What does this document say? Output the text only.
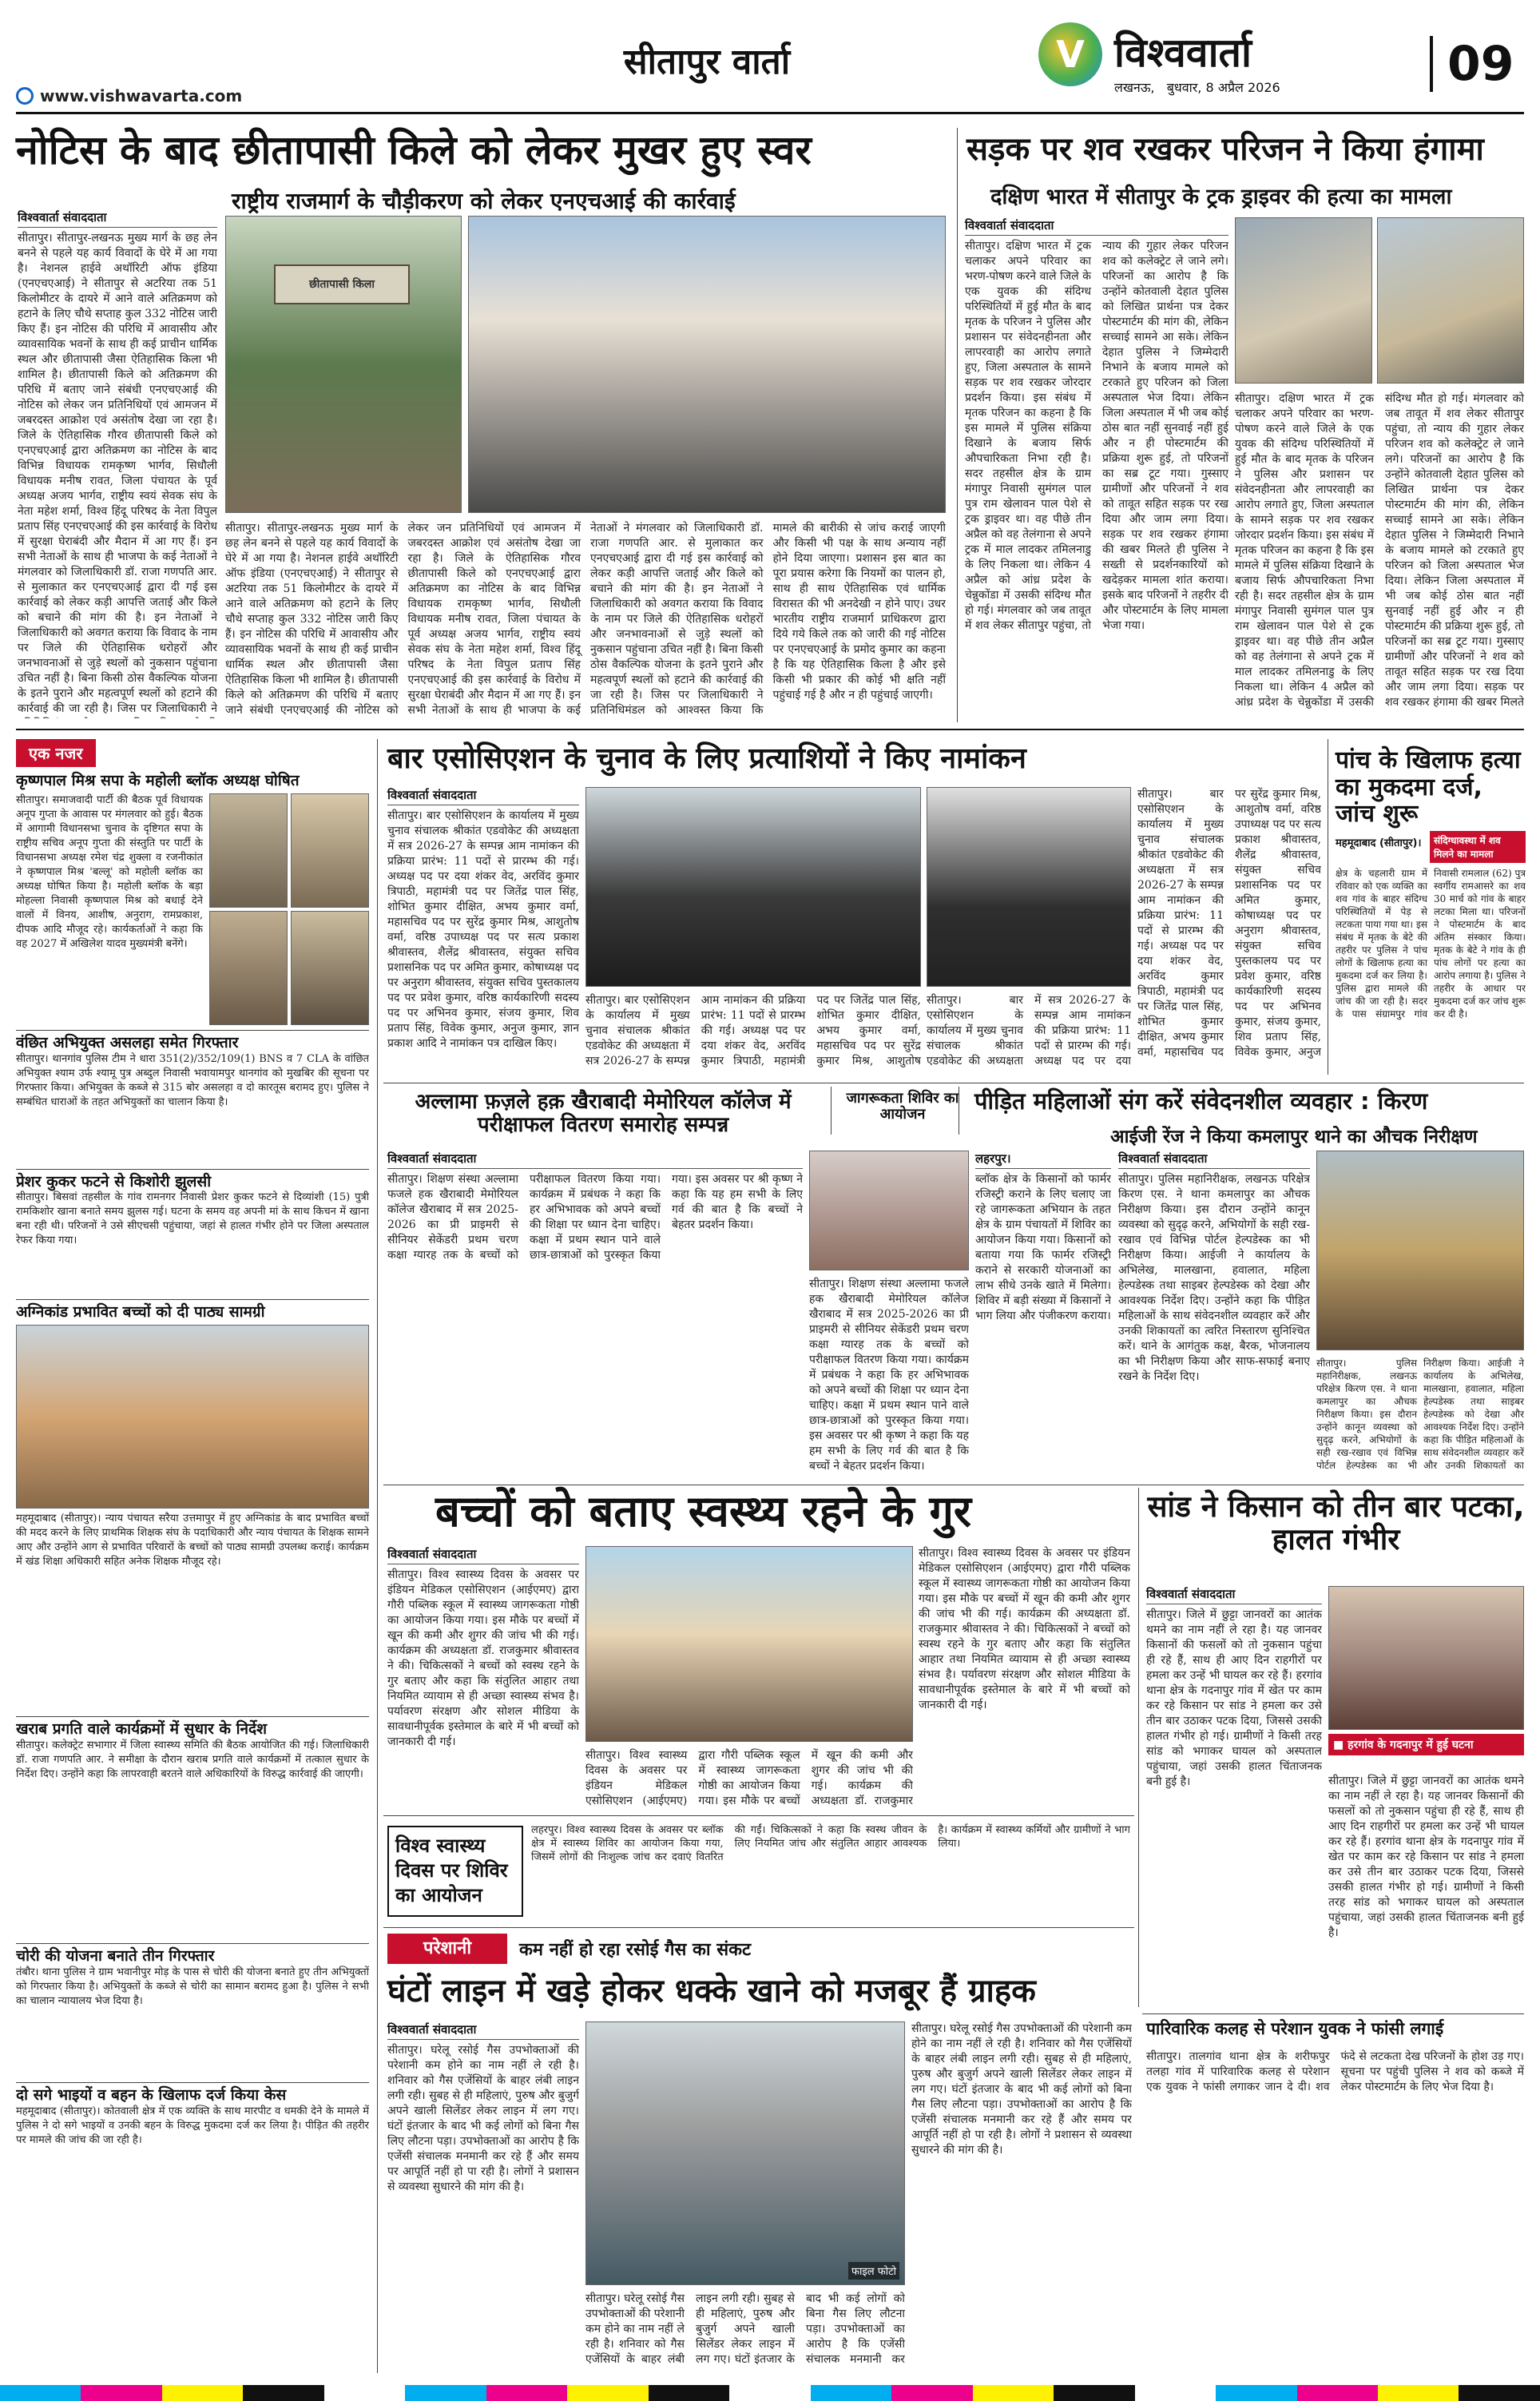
www.vishwavarta.com
सीतापुर वार्ता	V विश्ववार्ता
लखनऊ,   बुधवार, 8 अप्रैल 2026	09
नोटिस के बाद छीतापासी किले को लेकर मुखर हुए स्वर
राष्ट्रीय राजमार्ग के चौड़ीकरण को लेकर एनएचआई की कार्रवाई
विश्ववार्ता संवाददाता
सीतापुर। सीतापुर-लखनऊ मुख्य मार्ग के छह लेन बनने से पहले यह कार्य विवादों के घेरे में आ गया है। नेशनल हाईवे अथॉरिटी ऑफ इंडिया (एनएचएआई) ने सीतापुर से अटरिया तक 51 किलोमीटर के दायरे में आने वाले अतिक्रमण को हटाने के लिए चौथे सप्ताह कुल 332 नोटिस जारी किए हैं। इन नोटिस की परिधि में आवासीय और व्यावसायिक भवनों के साथ ही कई प्राचीन धार्मिक स्थल और छीतापासी जैसा ऐतिहासिक किला भी शामिल है। छीतापासी किले को अतिक्रमण की परिधि में बताए जाने संबंधी एनएचएआई की नोटिस को लेकर जन प्रतिनिधियों एवं आमजन में जबरदस्त आक्रोश एवं असंतोष देखा जा रहा है। जिले के ऐतिहासिक गौरव छीतापासी किले को एनएचएआई द्वारा अतिक्रमण का नोटिस के बाद विभिन्न विधायक रामकृष्ण भार्गव, सिधौली विधायक मनीष रावत, जिला पंचायत के पूर्व अध्यक्ष अजय भार्गव, राष्ट्रीय स्वयं सेवक संघ के नेता महेश शर्मा, विश्व हिंदू परिषद के नेता विपुल प्रताप सिंह एनएचएआई की इस कार्रवाई के विरोध में सुरक्षा घेराबंदी और मैदान में आ गए हैं। इन सभी नेताओं के साथ ही भाजपा के कई नेताओं ने मंगलवार को जिलाधिकारी डॉ. राजा गणपति आर. से मुलाकात कर एनएचएआई द्वारा दी गई इस कार्रवाई को लेकर कड़ी आपत्ति जताई और किले को बचाने की मांग की है। इन नेताओं ने जिलाधिकारी को अवगत कराया कि विवाद के नाम पर जिले की ऐतिहासिक धरोहरों और जनभावनाओं से जुड़े स्थलों को नुकसान पहुंचाना उचित नहीं है। बिना किसी ठोस वैकल्पिक योजना के इतने पुराने और महत्वपूर्ण स्थलों को हटाने की कार्रवाई की जा रही है। जिस पर जिलाधिकारी ने
छीतापासी किला
सीतापुर। सीतापुर-लखनऊ मुख्य मार्ग के छह लेन बनने से पहले यह कार्य विवादों के घेरे में आ गया है। नेशनल हाईवे अथॉरिटी ऑफ इंडिया (एनएचएआई) ने सीतापुर से अटरिया तक 51 किलोमीटर के दायरे में आने वाले अतिक्रमण को हटाने के लिए चौथे सप्ताह कुल 332 नोटिस जारी किए हैं। इन नोटिस की परिधि में आवासीय और व्यावसायिक भवनों के साथ ही कई प्राचीन धार्मिक स्थल और छीतापासी जैसा ऐतिहासिक किला भी शामिल है। छीतापासी किले को अतिक्रमण की परिधि में बताए जाने संबंधी एनएचएआई की नोटिस को लेकर जन प्रतिनिधियों एवं आमजन में जबरदस्त आक्रोश एवं असंतोष देखा जा रहा है। जिले के ऐतिहासिक गौरव छीतापासी किले को एनएचएआई द्वारा अतिक्रमण का नोटिस के बाद विभिन्न विधायक रामकृष्ण भार्गव, सिधौली विधायक मनीष रावत, जिला पंचायत के पूर्व अध्यक्ष अजय भार्गव, राष्ट्रीय स्वयं सेवक संघ के नेता महेश शर्मा, विश्व हिंदू परिषद के नेता विपुल प्रताप सिंह एनएचएआई की इस कार्रवाई के विरोध में सुरक्षा घेराबंदी और मैदान में आ गए हैं। इन सभी नेताओं के साथ ही भाजपा के कई नेताओं ने मंगलवार को जिलाधिकारी डॉ. राजा गणपति आर. से मुलाकात कर एनएचएआई द्वारा दी गई इस कार्रवाई को लेकर कड़ी आपत्ति जताई और किले को बचाने की मांग की है। इन नेताओं ने जिलाधिकारी को अवगत कराया कि विवाद के नाम पर जिले की ऐतिहासिक धरोहरों और जनभावनाओं से जुड़े स्थलों को नुकसान पहुंचाना उचित नहीं है। बिना किसी ठोस वैकल्पिक योजना के इतने पुराने और महत्वपूर्ण स्थलों को हटाने की कार्रवाई की जा रही है। जिस पर जिलाधिकारी ने प्रतिनिधिमंडल को आश्वस्त किया कि मामले की बारीकी से जांच कराई जाएगी और किसी भी पक्ष के साथ अन्याय नहीं होने दिया जाएगा। प्रशासन इस बात का पूरा प्रयास करेगा कि नियमों का पालन हो, साथ ही साथ ऐतिहासिक एवं धार्मिक विरासत की भी अनदेखी न होने पाए। उधर भारतीय राष्ट्रीय राजमार्ग प्राधिकरण द्वारा दिये गये किले तक को जारी की गई नोटिस पर एनएचएआई के प्रमोद कुमार का कहना है कि यह ऐतिहासिक किला है और इसे किसी भी प्रकार की कोई भी क्षति नहीं पहुंचाई गई है और न ही पहुंचाई जाएगी।
सड़क पर शव रखकर परिजन ने किया हंगामा
दक्षिण भारत में सीतापुर के ट्रक ड्राइवर की हत्या का मामला
विश्ववार्ता संवाददाता
सीतापुर। दक्षिण भारत में ट्रक चलाकर अपने परिवार का भरण-पोषण करने वाले जिले के एक युवक की संदिग्ध परिस्थितियों में हुई मौत के बाद मृतक के परिजन ने पुलिस और प्रशासन पर संवेदनहीनता और लापरवाही का आरोप लगाते हुए, जिला अस्पताल के सामने सड़क पर शव रखकर जोरदार प्रदर्शन किया। इस संबंध में मृतक परिजन का कहना है कि इस मामले में पुलिस संक्रिया दिखाने के बजाय सिर्फ औपचारिकता निभा रही है। सदर तहसील क्षेत्र के ग्राम मंगापुर निवासी सुमंगल पाल पुत्र राम खेलावन पाल पेशे से ट्रक ड्राइवर था। वह पीछे तीन अप्रैल को वह तेलंगाना से अपने ट्रक में माल लादकर तमिलनाडु के लिए निकला था। लेकिन 4 अप्रैल को आंध्र प्रदेश के चेन्नुकोंडा में उसकी संदिग्ध मौत हो गई। मंगलवार को जब तावूत में शव लेकर सीतापुर पहुंचा, तो न्याय की गुहार लेकर परिजन शव को कलेक्ट्रेट ले जाने लगे। परिजनों का आरोप है कि उन्होंने कोतवाली देहात पुलिस को लिखित प्रार्थना पत्र देकर पोस्टमार्टम की मांग की, लेकिन सच्चाई सामने आ सके। लेकिन देहात पुलिस ने जिम्मेदारी निभाने के बजाय मामले को टरकाते हुए परिजन को जिला अस्पताल भेज दिया। लेकिन जिला अस्पताल में भी जब कोई ठोस बात नहीं सुनवाई नहीं हुई और न ही पोस्टमार्टम की प्रक्रिया शुरू हुई, तो परिजनों का सब्र टूट गया। गुस्साए ग्रामीणों और परिजनों ने शव को तावूत सहित सड़क पर रख दिया और जाम लगा दिया। सड़क पर शव रखकर हंगामा की खबर मिलते ही पुलिस ने सख्ती से प्रदर्शनकारियों को खदेड़कर मामला शांत कराया। इसके बाद परिजनों ने तहरीर दी और पोस्टमार्टम के लिए मामला भेजा गया।
सीतापुर। दक्षिण भारत में ट्रक चलाकर अपने परिवार का भरण-पोषण करने वाले जिले के एक युवक की संदिग्ध परिस्थितियों में हुई मौत के बाद मृतक के परिजन ने पुलिस और प्रशासन पर संवेदनहीनता और लापरवाही का आरोप लगाते हुए, जिला अस्पताल के सामने सड़क पर शव रखकर जोरदार प्रदर्शन किया। इस संबंध में मृतक परिजन का कहना है कि इस मामले में पुलिस संक्रिया दिखाने के बजाय सिर्फ औपचारिकता निभा रही है। सदर तहसील क्षेत्र के ग्राम मंगापुर निवासी सुमंगल पाल पुत्र राम खेलावन पाल पेशे से ट्रक ड्राइवर था। वह पीछे तीन अप्रैल को वह तेलंगाना से अपने ट्रक में माल लादकर तमिलनाडु के लिए निकला था। लेकिन 4 अप्रैल को आंध्र प्रदेश के चेन्नुकोंडा में उसकी संदिग्ध मौत हो गई। मंगलवार को जब तावूत में शव लेकर सीतापुर पहुंचा, तो न्याय की गुहार लेकर परिजन शव को कलेक्ट्रेट ले जाने लगे। परिजनों का आरोप है कि उन्होंने कोतवाली देहात पुलिस को लिखित प्रार्थना पत्र देकर पोस्टमार्टम की मांग की, लेकिन सच्चाई सामने आ सके। लेकिन देहात पुलिस ने जिम्मेदारी निभाने के बजाय मामले को टरकाते हुए परिजन को जिला अस्पताल भेज दिया। लेकिन जिला अस्पताल में भी जब कोई ठोस बात नहीं सुनवाई नहीं हुई और न ही पोस्टमार्टम की प्रक्रिया शुरू हुई, तो परिजनों का सब्र टूट गया। गुस्साए ग्रामीणों और परिजनों ने शव को तावूत सहित सड़क पर रख दिया और जाम लगा दिया। सड़क पर शव रखकर हंगामा की खबर मिलते
एक नजर
कृष्णपाल मिश्र सपा के महोली ब्लॉक अध्यक्ष घोषित
सीतापुर। समाजवादी पार्टी की बैठक पूर्व विधायक अनूप गुप्ता के आवास पर मंगलवार को हुई। बैठक में आगामी विधानसभा चुनाव के दृष्टिगत सपा के राष्ट्रीय सचिव अनूप गुप्ता की संस्तुति पर पार्टी के विधानसभा अध्यक्ष रमेश चंद्र शुक्ला व रजनीकांत ने कृष्णपाल मिश्र 'बल्लू' को महोली ब्लॉक का अध्यक्ष घोषित किया है। महोली ब्लॉक के बड़ा मोहल्ला निवासी कृष्णपाल मिश्र को बधाई देने वालों में विनय, आशीष, अनुराग, रामप्रकाश, दीपक आदि मौजूद रहे। कार्यकर्ताओं ने कहा कि वह 2027 में अखिलेश यादव मुख्यमंत्री बनेंगे।
वंछित अभियुक्त असलहा समेत गिरफ्तार
सीतापुर। थानगांव पुलिस टीम ने धारा 351(2)/352/109(1) BNS व 7 CLA के वांछित अभियुक्त श्याम उर्फ श्यामू पुत्र अब्दुल निवासी भवायामपुर थानगांव को मुखबिर की सूचना पर गिरफ्तार किया। अभियुक्त के कब्जे से 315 बोर असलहा व दो कारतूस बरामद हुए। पुलिस ने सम्बंधित धाराओं के तहत अभियुक्तों का चालान किया है।
प्रेशर कुकर फटने से किशोरी झुलसी
सीतापुर। बिसवां तहसील के गांव रामनगर निवासी प्रेशर कुकर फटने से दिव्यांशी (15) पुत्री रामकिशोर खाना बनाते समय झुलस गई। घटना के समय वह अपनी मां के साथ किचन में खाना बना रही थी। परिजनों ने उसे सीएचसी पहुंचाया, जहां से हालत गंभीर होने पर जिला अस्पताल रेफर किया गया।
अग्निकांड प्रभावित बच्चों को दी पाठ्य सामग्री
महमूदाबाद (सीतापुर)। न्याय पंचायत सरैया उत्तमापुर में हुए अग्निकांड के बाद प्रभावित बच्चों की मदद करने के लिए प्राथमिक शिक्षक संघ के पदाधिकारी और न्याय पंचायत के शिक्षक सामने आए और उन्होंने आग से प्रभावित परिवारों के बच्चों को पाठ्य सामग्री उपलब्ध कराई। कार्यक्रम में खंड शिक्षा अधिकारी सहित अनेक शिक्षक मौजूद रहे।
खराब प्रगति वाले कार्यक्रमों में सुधार के निर्देश
सीतापुर। कलेक्ट्रेट सभागार में जिला स्वास्थ्य समिति की बैठक आयोजित की गई। जिलाधिकारी डॉ. राजा गणपति आर. ने समीक्षा के दौरान खराब प्रगति वाले कार्यक्रमों में तत्काल सुधार के निर्देश दिए। उन्होंने कहा कि लापरवाही बरतने वाले अधिकारियों के विरुद्ध कार्रवाई की जाएगी।
चोरी की योजना बनाते तीन गिरफ्तार
तंबौर। थाना पुलिस ने ग्राम भवानीपुर मोड़ के पास से चोरी की योजना बनाते हुए तीन अभियुक्तों को गिरफ्तार किया है। अभियुक्तों के कब्जे से चोरी का सामान बरामद हुआ है। पुलिस ने सभी का चालान न्यायालय भेज दिया है।
दो सगे भाइयों व बहन के खिलाफ दर्ज किया केस
महमूदाबाद (सीतापुर)। कोतवाली क्षेत्र में एक व्यक्ति के साथ मारपीट व धमकी देने के मामले में पुलिस ने दो सगे भाइयों व उनकी बहन के विरुद्ध मुकदमा दर्ज कर लिया है। पीड़ित की तहरीर पर मामले की जांच की जा रही है।
बार एसोसिएशन के चुनाव के लिए प्रत्याशियों ने किए नामांकन
विश्ववार्ता संवाददाता
सीतापुर। बार एसोसिएशन के कार्यालय में मुख्य चुनाव संचालक श्रीकांत एडवोकेट की अध्यक्षता में सत्र 2026-27 के सम्पन्न आम नामांकन की प्रक्रिया प्रारंभ: 11 पदों से प्रारम्भ की गई। अध्यक्ष पद पर दया शंकर वेद, अरविंद कुमार त्रिपाठी, महामंत्री पद पर जितेंद्र पाल सिंह, शोभित कुमार दीक्षित, अभय कुमार वर्मा, महासचिव पद पर सुरेंद्र कुमार मिश्र, आशुतोष वर्मा, वरिष्ठ उपाध्यक्ष पद पर सत्य प्रकाश श्रीवास्तव, शैलेंद्र श्रीवास्तव, संयुक्त सचिव प्रशासनिक पद पर अमित कुमार, कोषाध्यक्ष पद पर अनुराग श्रीवास्तव, संयुक्त सचिव पुस्तकालय पद पर प्रवेश कुमार, वरिष्ठ कार्यकारिणी सदस्य पद पर अभिनव कुमार, संजय कुमार, शिव प्रताप सिंह, विवेक कुमार, अनुज कुमार, ज्ञान प्रकाश आदि ने नामांकन पत्र दाखिल किए।
सीतापुर। बार एसोसिएशन के कार्यालय में मुख्य चुनाव संचालक श्रीकांत एडवोकेट की अध्यक्षता में सत्र 2026-27 के सम्पन्न आम नामांकन की प्रक्रिया प्रारंभ: 11 पदों से प्रारम्भ की गई। अध्यक्ष पद पर दया शंकर वेद, अरविंद कुमार त्रिपाठी, महामंत्री पद पर जितेंद्र पाल सिंह, शोभित कुमार दीक्षित, अभय कुमार वर्मा, महासचिव पद पर सुरेंद्र कुमार मिश्र, आशुतोष
सीतापुर। बार एसोसिएशन के कार्यालय में मुख्य चुनाव संचालक श्रीकांत एडवोकेट की अध्यक्षता में सत्र 2026-27 के सम्पन्न आम नामांकन की प्रक्रिया प्रारंभ: 11 पदों से प्रारम्भ की गई। अध्यक्ष पद पर दया
सीतापुर। बार एसोसिएशन के कार्यालय में मुख्य चुनाव संचालक श्रीकांत एडवोकेट की अध्यक्षता में सत्र 2026-27 के सम्पन्न आम नामांकन की प्रक्रिया प्रारंभ: 11 पदों से प्रारम्भ की गई। अध्यक्ष पद पर दया शंकर वेद, अरविंद कुमार त्रिपाठी, महामंत्री पद पर जितेंद्र पाल सिंह, शोभित कुमार दीक्षित, अभय कुमार वर्मा, महासचिव पद पर सुरेंद्र कुमार मिश्र, आशुतोष वर्मा, वरिष्ठ उपाध्यक्ष पद पर सत्य प्रकाश श्रीवास्तव, शैलेंद्र श्रीवास्तव, संयुक्त सचिव प्रशासनिक पद पर अमित कुमार, कोषाध्यक्ष पद पर अनुराग श्रीवास्तव, संयुक्त सचिव पुस्तकालय पद पर प्रवेश कुमार, वरिष्ठ कार्यकारिणी सदस्य पद पर अभिनव कुमार, संजय कुमार, शिव प्रताप सिंह, विवेक कुमार, अनुज
पांच के खिलाफ हत्या का मुकदमा दर्ज, जांच शुरू
महमूदाबाद (सीतापुर)।	संदिग्धावस्था में शव मिलने का मामला
क्षेत्र के चहलारी ग्राम में रविवार को एक व्यक्ति का शव गांव के बाहर संदिग्ध परिस्थितियों में पेड़ से लटकता पाया गया था। इस संबंध में मृतक के बेटे की तहरीर पर पुलिस ने पांच लोगों के खिलाफ हत्या का मुकदमा दर्ज कर लिया है। पुलिस द्वारा मामले की जांच की जा रही है। सदर के पास संग्रामपुर गांव निवासी रामलाल (62) पुत्र स्वर्गीय रामआसरे का शव 30 मार्च को गांव के बाहर लटका मिला था। परिजनों ने पोस्टमार्टम के बाद अंतिम संस्कार किया। मृतक के बेटे ने गांव के ही पांच लोगों पर हत्या का आरोप लगाया है। पुलिस ने तहरीर के आधार पर मुकदमा दर्ज कर जांच शुरू कर दी है।
अल्लामा फ़ज़ले हक़ खैराबादी मेमोरियल कॉलेज में परीक्षाफल वितरण समारोह सम्पन्न
विश्ववार्ता संवाददाता
सीतापुर। शिक्षण संस्था अल्लामा फजले हक खैराबादी मेमोरियल कॉलेज खैराबाद में सत्र 2025-2026 का प्री प्राइमरी से सीनियर सेकेंडरी प्रथम चरण कक्षा ग्यारह तक के बच्चों को परीक्षाफल वितरण किया गया। कार्यक्रम में प्रबंधक ने कहा कि हर अभिभावक को अपने बच्चों की शिक्षा पर ध्यान देना चाहिए। कक्षा में प्रथम स्थान पाने वाले छात्र-छात्राओं को पुरस्कृत किया गया। इस अवसर पर श्री कृष्ण ने कहा कि यह हम सभी के लिए गर्व की बात है कि बच्चों ने बेहतर प्रदर्शन किया।
सीतापुर। शिक्षण संस्था अल्लामा फजले हक खैराबादी मेमोरियल कॉलेज खैराबाद में सत्र 2025-2026 का प्री प्राइमरी से सीनियर सेकेंडरी प्रथम चरण कक्षा ग्यारह तक के बच्चों को परीक्षाफल वितरण किया गया। कार्यक्रम में प्रबंधक ने कहा कि हर अभिभावक को अपने बच्चों की शिक्षा पर ध्यान देना चाहिए। कक्षा में प्रथम स्थान पाने वाले छात्र-छात्राओं को पुरस्कृत किया गया। इस अवसर पर श्री कृष्ण ने कहा कि यह हम सभी के लिए गर्व की बात है कि बच्चों ने बेहतर प्रदर्शन किया।
जागरूकता शिविर का आयोजन
लहरपुर।
ब्लॉक क्षेत्र के किसानों को फार्मर रजिस्ट्री कराने के लिए चलाए जा रहे जागरूकता अभियान के तहत क्षेत्र के ग्राम पंचायतों में शिविर का आयोजन किया गया। किसानों को बताया गया कि फार्मर रजिस्ट्री कराने से सरकारी योजनाओं का लाभ सीधे उनके खाते में मिलेगा। शिविर में बड़ी संख्या में किसानों ने भाग लिया और पंजीकरण कराया।
पीड़ित महिलाओं संग करें संवेदनशील व्यवहार : किरण
आईजी रेंज ने किया कमलापुर थाने का औचक निरीक्षण
विश्ववार्ता संवाददाता
सीतापुर। पुलिस महानिरीक्षक, लखनऊ परिक्षेत्र किरण एस. ने थाना कमलापुर का औचक निरीक्षण किया। इस दौरान उन्होंने कानून व्यवस्था को सुदृढ़ करने, अभियोगों के सही रख-रखाव एवं विभिन्न पोर्टल हेल्पडेस्क का भी निरीक्षण किया। आईजी ने कार्यालय के अभिलेख, मालखाना, हवालात, महिला हेल्पडेस्क तथा साइबर हेल्पडेस्क को देखा और आवश्यक निर्देश दिए। उन्होंने कहा कि पीड़ित महिलाओं के साथ संवेदनशील व्यवहार करें और उनकी शिकायतों का त्वरित निस्तारण सुनिश्चित करें। थाने के आगंतुक कक्ष, बैरक, भोजनालय का भी निरीक्षण किया और साफ-सफाई बनाए रखने के निर्देश दिए।
सीतापुर। पुलिस महानिरीक्षक, लखनऊ परिक्षेत्र किरण एस. ने थाना कमलापुर का औचक निरीक्षण किया। इस दौरान उन्होंने कानून व्यवस्था को सुदृढ़ करने, अभियोगों के सही रख-रखाव एवं विभिन्न पोर्टल हेल्पडेस्क का भी निरीक्षण किया। आईजी ने कार्यालय के अभिलेख, मालखाना, हवालात, महिला हेल्पडेस्क तथा साइबर हेल्पडेस्क को देखा और आवश्यक निर्देश दिए। उन्होंने कहा कि पीड़ित महिलाओं के साथ संवेदनशील व्यवहार करें और उनकी शिकायतों का
बच्चों को बताए स्वस्थ्य रहने के गुर
विश्ववार्ता संवाददाता
सीतापुर। विश्व स्वास्थ्य दिवस के अवसर पर इंडियन मेडिकल एसोसिएशन (आईएमए) द्वारा गौरी पब्लिक स्कूल में स्वास्थ्य जागरूकता गोष्ठी का आयोजन किया गया। इस मौके पर बच्चों में खून की कमी और शुगर की जांच भी की गई। कार्यक्रम की अध्यक्षता डॉ. राजकुमार श्रीवास्तव ने की। चिकित्सकों ने बच्चों को स्वस्थ रहने के गुर बताए और कहा कि संतुलित आहार तथा नियमित व्यायाम से ही अच्छा स्वास्थ्य संभव है। पर्यावरण संरक्षण और सोशल मीडिया के सावधानीपूर्वक इस्तेमाल के बारे में भी बच्चों को जानकारी दी गई।
सीतापुर। विश्व स्वास्थ्य दिवस के अवसर पर इंडियन मेडिकल एसोसिएशन (आईएमए) द्वारा गौरी पब्लिक स्कूल में स्वास्थ्य जागरूकता गोष्ठी का आयोजन किया गया। इस मौके पर बच्चों में खून की कमी और शुगर की जांच भी की गई। कार्यक्रम की अध्यक्षता डॉ. राजकुमार
सीतापुर। विश्व स्वास्थ्य दिवस के अवसर पर इंडियन मेडिकल एसोसिएशन (आईएमए) द्वारा गौरी पब्लिक स्कूल में स्वास्थ्य जागरूकता गोष्ठी का आयोजन किया गया। इस मौके पर बच्चों में खून की कमी और शुगर की जांच भी की गई। कार्यक्रम की अध्यक्षता डॉ. राजकुमार श्रीवास्तव ने की। चिकित्सकों ने बच्चों को स्वस्थ रहने के गुर बताए और कहा कि संतुलित आहार तथा नियमित व्यायाम से ही अच्छा स्वास्थ्य संभव है। पर्यावरण संरक्षण और सोशल मीडिया के सावधानीपूर्वक इस्तेमाल के बारे में भी बच्चों को जानकारी दी गई।
विश्व स्वास्थ्य दिवस पर शिविर का आयोजन
लहरपुर। विश्व स्वास्थ्य दिवस के अवसर पर ब्लॉक क्षेत्र में स्वास्थ्य शिविर का आयोजन किया गया, जिसमें लोगों की निःशुल्क जांच कर दवाएं वितरित की गईं। चिकित्सकों ने कहा कि स्वस्थ जीवन के लिए नियमित जांच और संतुलित आहार आवश्यक है। कार्यक्रम में स्वास्थ्य कर्मियों और ग्रामीणों ने भाग लिया।
सांड ने किसान को तीन बार पटका, हालत गंभीर
विश्ववार्ता संवाददाता
सीतापुर। जिले में छुट्टा जानवरों का आतंक थमने का नाम नहीं ले रहा है। यह जानवर किसानों की फसलों को तो नुकसान पहुंचा ही रहे हैं, साथ ही आए दिन राहगीरों पर हमला कर उन्हें भी घायल कर रहे हैं। हरगांव थाना क्षेत्र के गदनापुर गांव में खेत पर काम कर रहे किसान पर सांड ने हमला कर उसे तीन बार उठाकर पटक दिया, जिससे उसकी हालत गंभीर हो गई। ग्रामीणों ने किसी तरह सांड को भगाकर घायल को अस्पताल पहुंचाया, जहां उसकी हालत चिंताजनक बनी हुई है।
■ हरगांव के गदनापुर में हुई घटना
सीतापुर। जिले में छुट्टा जानवरों का आतंक थमने का नाम नहीं ले रहा है। यह जानवर किसानों की फसलों को तो नुकसान पहुंचा ही रहे हैं, साथ ही आए दिन राहगीरों पर हमला कर उन्हें भी घायल कर रहे हैं। हरगांव थाना क्षेत्र के गदनापुर गांव में खेत पर काम कर रहे किसान पर सांड ने हमला कर उसे तीन बार उठाकर पटक दिया, जिससे उसकी हालत गंभीर हो गई। ग्रामीणों ने किसी तरह सांड को भगाकर घायल को अस्पताल पहुंचाया, जहां उसकी हालत चिंताजनक बनी हुई है।
पारिवारिक कलह से परेशान युवक ने फांसी लगाई
सीतापुर। तालगांव थाना क्षेत्र के शरीफपुर तलहा गांव में पारिवारिक कलह से परेशान एक युवक ने फांसी लगाकर जान दे दी। शव फंदे से लटकता देख परिजनों के होश उड़ गए। सूचना पर पहुंची पुलिस ने शव को कब्जे में लेकर पोस्टमार्टम के लिए भेज दिया है।
परेशानी	कम नहीं हो रहा रसोई गैस का संकट
घंटों लाइन में खड़े होकर धक्के खाने को मजबूर हैं ग्राहक
विश्ववार्ता संवाददाता
सीतापुर। घरेलू रसोई गैस उपभोक्ताओं की परेशानी कम होने का नाम नहीं ले रही है। शनिवार को गैस एजेंसियों के बाहर लंबी लाइन लगी रही। सुबह से ही महिलाएं, पुरुष और बुजुर्ग अपने खाली सिलेंडर लेकर लाइन में लग गए। घंटों इंतजार के बाद भी कई लोगों को बिना गैस लिए लौटना पड़ा। उपभोक्ताओं का आरोप है कि एजेंसी संचालक मनमानी कर रहे हैं और समय पर आपूर्ति नहीं हो पा रही है। लोगों ने प्रशासन से व्यवस्था सुधारने की मांग की है।
फाइल फोटो
सीतापुर। घरेलू रसोई गैस उपभोक्ताओं की परेशानी कम होने का नाम नहीं ले रही है। शनिवार को गैस एजेंसियों के बाहर लंबी लाइन लगी रही। सुबह से ही महिलाएं, पुरुष और बुजुर्ग अपने खाली सिलेंडर लेकर लाइन में लग गए। घंटों इंतजार के बाद भी कई लोगों को बिना गैस लिए लौटना पड़ा। उपभोक्ताओं का आरोप है कि एजेंसी संचालक मनमानी कर
सीतापुर। घरेलू रसोई गैस उपभोक्ताओं की परेशानी कम होने का नाम नहीं ले रही है। शनिवार को गैस एजेंसियों के बाहर लंबी लाइन लगी रही। सुबह से ही महिलाएं, पुरुष और बुजुर्ग अपने खाली सिलेंडर लेकर लाइन में लग गए। घंटों इंतजार के बाद भी कई लोगों को बिना गैस लिए लौटना पड़ा। उपभोक्ताओं का आरोप है कि एजेंसी संचालक मनमानी कर रहे हैं और समय पर आपूर्ति नहीं हो पा रही है। लोगों ने प्रशासन से व्यवस्था सुधारने की मांग की है।
